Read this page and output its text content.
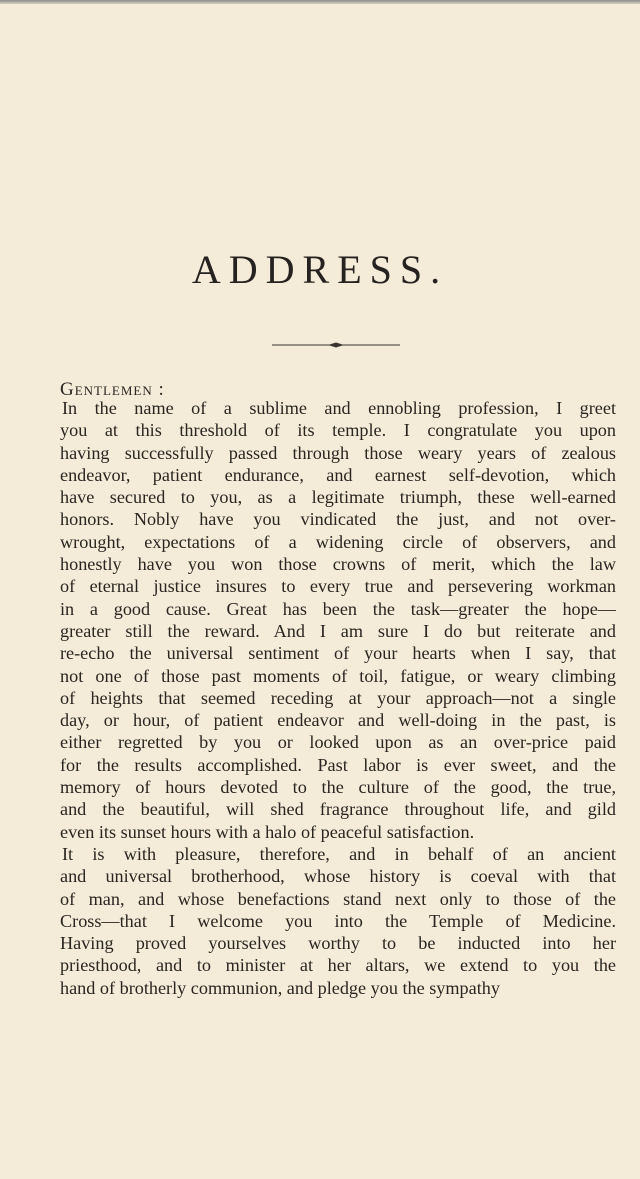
ADDRESS.

Gentlemen :

In the name of a sublime and ennobling profession, I greet
you at this threshold of its temple. I congratulate you upon
having successfully passed through those weary years of zealous
endeavor, patient endurance, and earnest self-devotion, which
have secured to you, as a legitimate triumph, these well-earned
honors. Nobly have you vindicated the just, and not over-
wrought, expectations of a widening circle of observers, and
honestly have you won those crowns of merit, which the law
of eternal justice insures to every true and persevering workman
in a good cause. Great has been the task—greater the hope—
greater still the reward. And I am sure I do but reiterate and
re-echo the universal sentiment of your hearts when I say, that
not one of those past moments of toil, fatigue, or weary climbing
of heights that seemed receding at your approach—not a single
day, or hour, of patient endeavor and well-doing in the past, is
either regretted by you or looked upon as an over-price paid
for the results accomplished. Past labor is ever sweet, and the
memory of hours devoted to the culture of the good, the true,
and the beautiful, will shed fragrance throughout life, and gild
even its sunset hours with a halo of peaceful satisfaction.
It is with pleasure, therefore, and in behalf of an ancient
and universal brotherhood, whose history is coeval with that
of man, and whose benefactions stand next only to those of the
Cross—that I welcome you into the Temple of Medicine.
Having proved yourselves worthy to be inducted into her
priesthood, and to minister at her altars, we extend to you the
hand of brotherly communion, and pledge you the sympathy
